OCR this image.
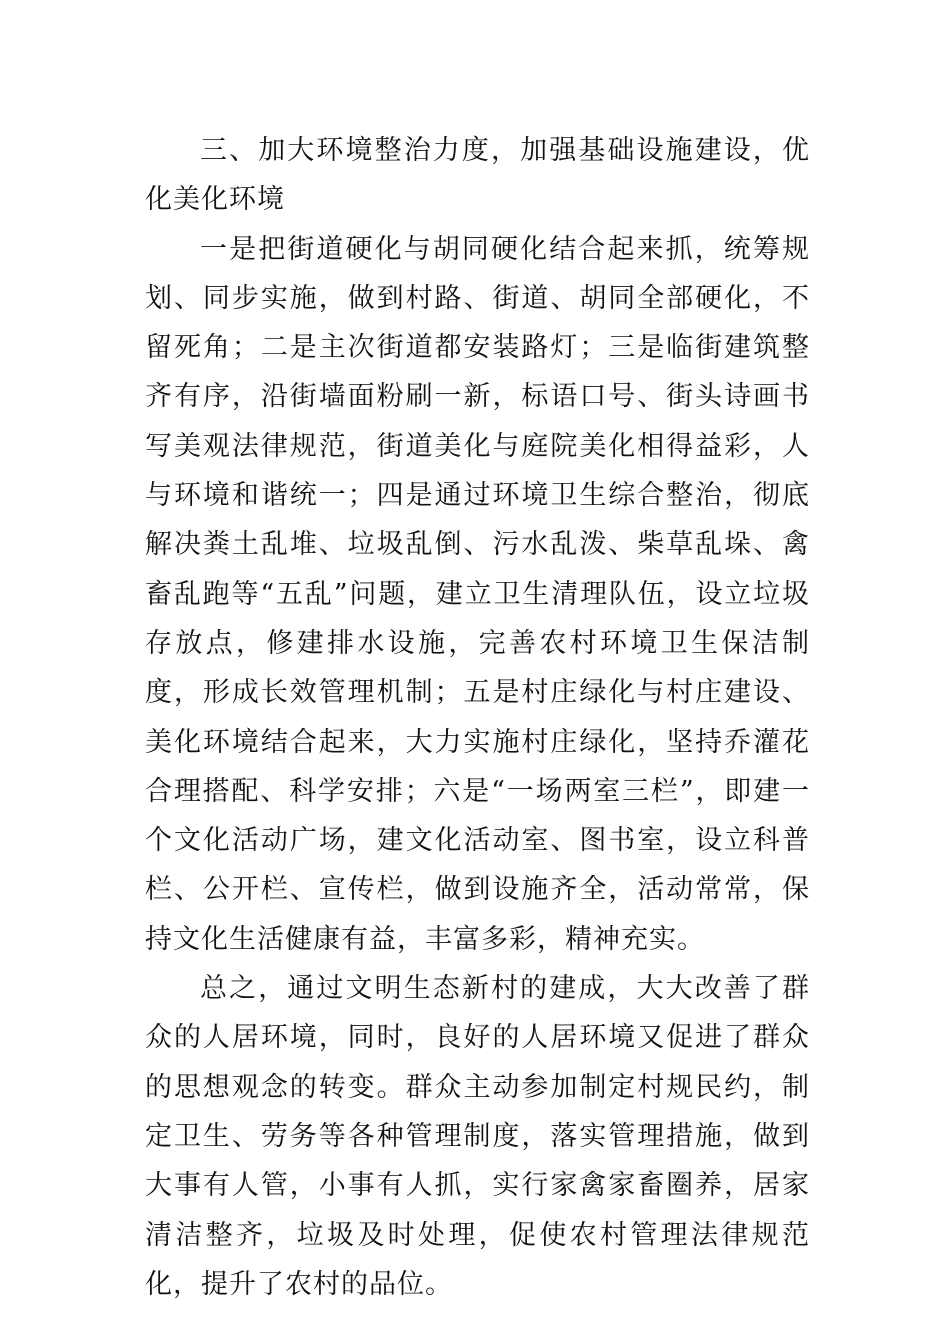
三、加大环境整治力度，加强基础设施建设，优化美化环境

一是把街道硬化与胡同硬化结合起来抓，统筹规划、同步实施，做到村路、街道、胡同全部硬化，不留死角；二是主次街道都安装路灯；三是临街建筑整齐有序，沿街墙面粉刷一新，标语口号、街头诗画书写美观法律规范，街道美化与庭院美化相得益彩，人与环境和谐统一；四是通过环境卫生综合整治，彻底解决粪土乱堆、垃圾乱倒、污水乱泼、柴草乱垛、禽畜乱跑等“五乱”问题，建立卫生清理队伍，设立垃圾存放点，修建排水设施，完善农村环境卫生保洁制度，形成长效管理机制；五是村庄绿化与村庄建设、美化环境结合起来，大力实施村庄绿化，坚持乔灌花合理搭配、科学安排；六是“一场两室三栏”，即建一个文化活动广场，建文化活动室、图书室，设立科普栏、公开栏、宣传栏，做到设施齐全，活动常常，保持文化生活健康有益，丰富多彩，精神充实。

总之，通过文明生态新村的建成，大大改善了群众的人居环境，同时，良好的人居环境又促进了群众的思想观念的转变。群众主动参加制定村规民约，制定卫生、劳务等各种管理制度，落实管理措施，做到大事有人管，小事有人抓，实行家禽家畜圈养，居家清洁整齐，垃圾及时处理，促使农村管理法律规范化，提升了农村的品位。
